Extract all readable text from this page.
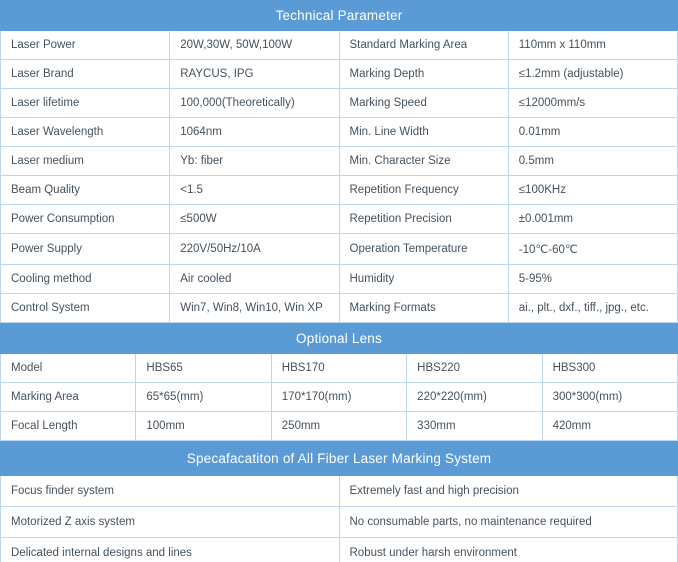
Technical Parameter			
Laser Power	20W,30W, 50W,100W	Standard Marking Area	110mm x 110mm
Laser Brand	RAYCUS, IPG	Marking Depth	≤1.2mm (adjustable)
Laser lifetime	100,000(Theoretically)	Marking Speed	≤12000mm/s
Laser Wavelength	1064nm	Min. Line Width	0.01mm
Laser medium	Yb: fiber	Min. Character Size	0.5mm
Beam Quality	<1.5	Repetition Frequency	≤100KHz
Power Consumption	≤500W	Repetition Precision	±0.001mm
Power Supply	220V/50Hz/10A	Operation Temperature	-10℃-60℃
Cooling method	Air cooled	Humidity	5-95%
Control System	Win7, Win8, Win10, Win XP	Marking Formats	ai., plt., dxf., tiff., jpg., etc.
Optional Lens				
Model	HBS65	HBS170	HBS220	HBS300
Marking Area	65*65(mm)	170*170(mm)	220*220(mm)	300*300(mm)
Focal Length	100mm	250mm	330mm	420mm
Specafacatiton of All Fiber Laser Marking System	
Focus finder system	Extremely fast and high precision
Motorized Z axis system	No consumable parts, no maintenance required
Delicated internal designs and lines	Robust under harsh environment
